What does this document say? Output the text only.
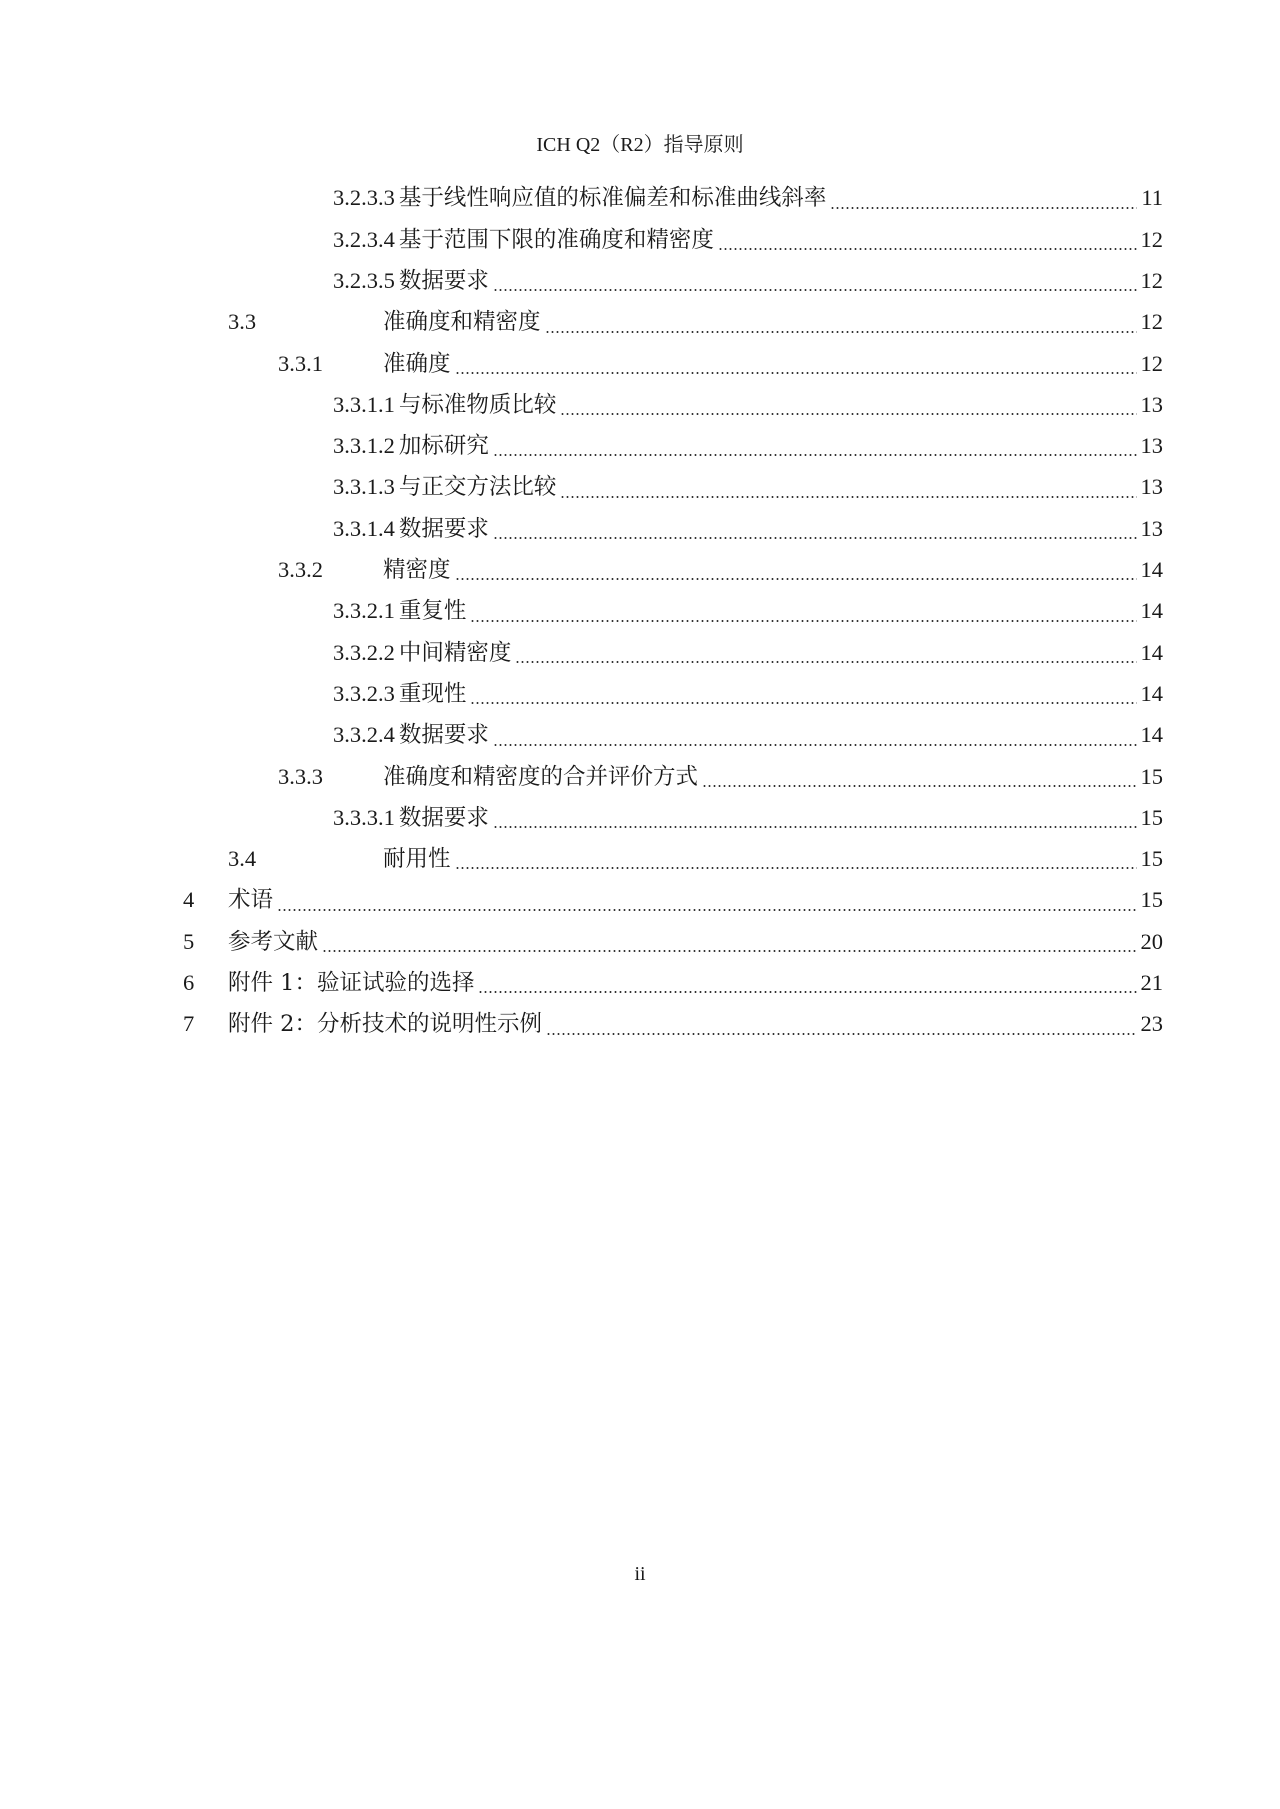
ICH Q2（R2）指导原则
3.2.3.3 基于线性响应值的标准偏差和标准曲线斜率	11
3.2.3.4 基于范围下限的准确度和精密度	12
3.2.3.5 数据要求	12
3.3	准确度和精密度	12
3.3.1	准确度	12
3.3.1.1 与标准物质比较	13
3.3.1.2 加标研究	13
3.3.1.3 与正交方法比较	13
3.3.1.4 数据要求	13
3.3.2	精密度	14
3.3.2.1 重复性	14
3.3.2.2 中间精密度	14
3.3.2.3 重现性	14
3.3.2.4 数据要求	14
3.3.3	准确度和精密度的合并评价方式	15
3.3.3.1 数据要求	15
3.4	耐用性	15
4 术语	15
5 参考文献	20
6 附件 1：验证试验的选择	21
7 附件 2：分析技术的说明性示例	23
ii
